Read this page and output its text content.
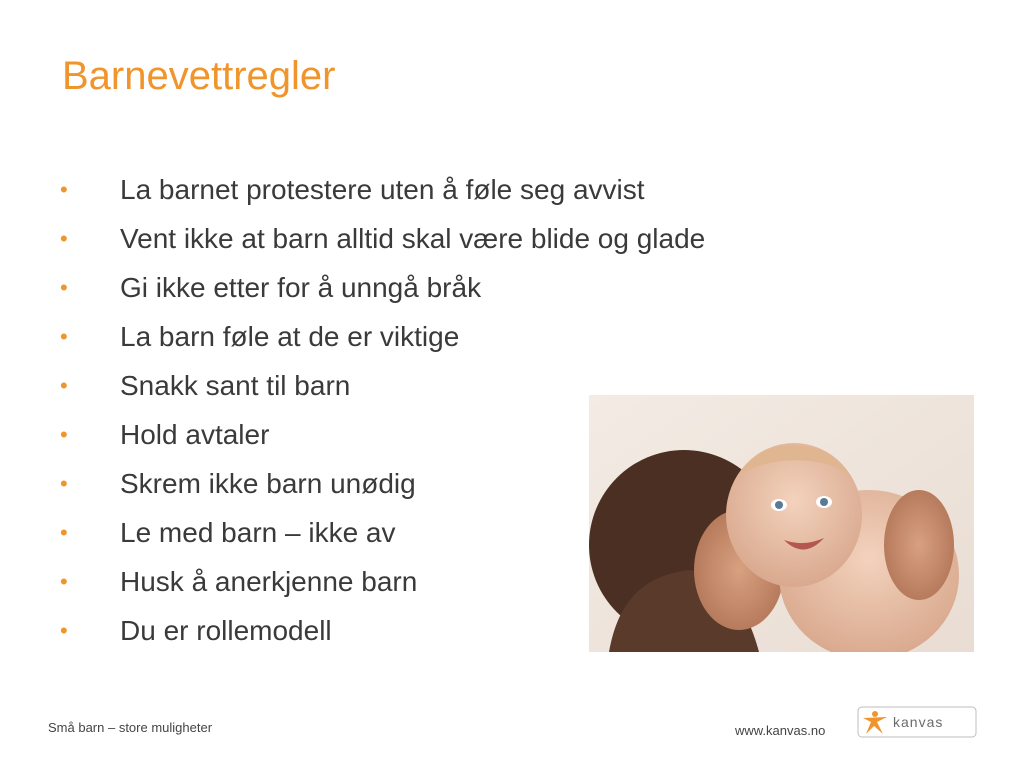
Barnevettregler
• La barnet protestere uten å føle seg avvist
• Vent ikke at barn alltid skal være blide og glade
• Gi ikke etter for å unngå bråk
• La barn føle at de er viktige
• Snakk sant til barn
• Hold avtaler
• Skrem ikke barn unødig
• Le med barn – ikke av
• Husk å anerkjenne barn
• Du er rollemodell
Små barn – store muligheter	www.kanvas.no
kanvas
